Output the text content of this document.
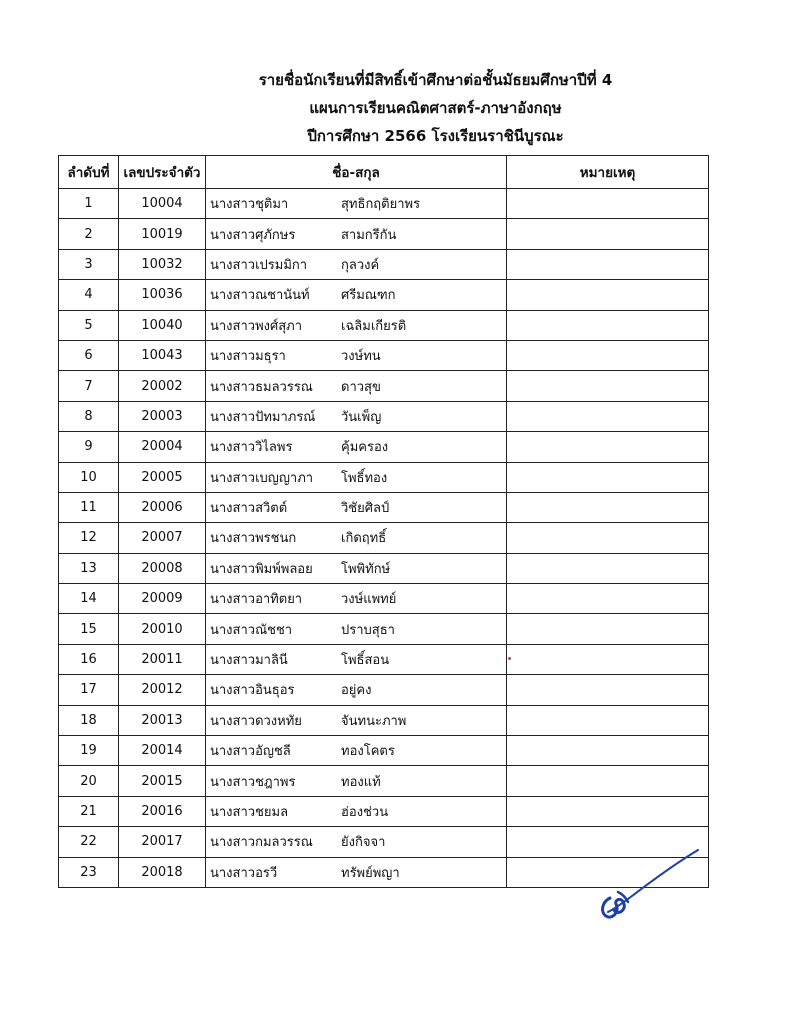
รายชื่อนักเรียนที่มีสิทธิ์เข้าศึกษาต่อชั้นมัธยมศึกษาปีที่ 4
แผนการเรียนคณิตศาสตร์-ภาษาอังกฤษ
ปีการศึกษา 2566 โรงเรียนราชินีบูรณะ
ลำดับที่	เลขประจำตัว	ชื่อ-สกุล	หมายเหตุ
1	10004	นางสาวชุติมา สุทธิกฤติยาพร	
2	10019	นางสาวศุภักษร สามกรีกัน	
3	10032	นางสาวเปรมมิกา กุลวงค์	
4	10036	นางสาวณชานันท์ ศรีมณฑก	
5	10040	นางสาวพงศ์สุภา เฉลิมเกียรติ	
6	10043	นางสาวมธุรา วงษ์ทน	
7	20002	นางสาวธมลวรรณ ดาวสุข	
8	20003	นางสาวปัทมาภรณ์ วันเพ็ญ	
9	20004	นางสาววิไลพร คุ้มครอง	
10	20005	นางสาวเบญญาภา โพธิ์ทอง	
11	20006	นางสาวสวิตต์ วิชัยศิลป์	
12	20007	นางสาวพรชนก เกิดฤทธิ์	
13	20008	นางสาวพิมพ์พลอย โพพิทักษ์	
14	20009	นางสาวอาทิตยา วงษ์แพทย์	
15	20010	นางสาวณัชชา ปราบสุธา	
16	20011	นางสาวมาลินี โพธิ์สอน	
17	20012	นางสาวอินธุอร อยู่คง	
18	20013	นางสาวดวงหทัย จันทนะภาพ	
19	20014	นางสาวอัญชลี ทองโคตร	
20	20015	นางสาวชฎาพร ทองแท้	
21	20016	นางสาวชยมล ฮ่องช่วน	
22	20017	นางสาวกมลวรรณ ยังกิจจา	
23	20018	นางสาวอรวี ทรัพย์พญา	
